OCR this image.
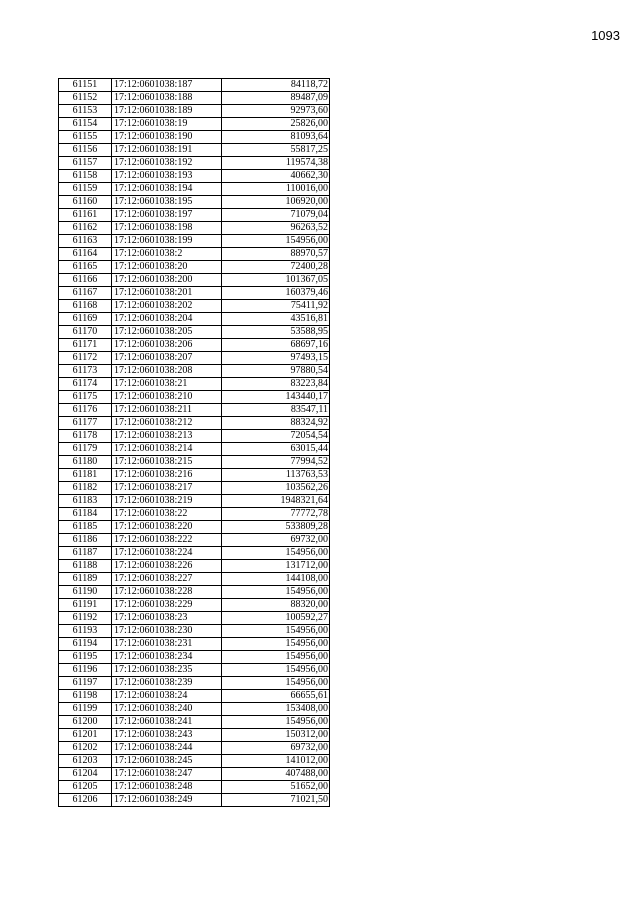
1093
61151	17:12:0601038:187	84118,72
61152	17:12:0601038:188	89487,09
61153	17:12:0601038:189	92973,60
61154	17:12:0601038:19	25826,00
61155	17:12:0601038:190	81093,64
61156	17:12:0601038:191	55817,25
61157	17:12:0601038:192	119574,38
61158	17:12:0601038:193	40662,30
61159	17:12:0601038:194	110016,00
61160	17:12:0601038:195	106920,00
61161	17:12:0601038:197	71079,04
61162	17:12:0601038:198	96263,52
61163	17:12:0601038:199	154956,00
61164	17:12:0601038:2	88970,57
61165	17:12:0601038:20	72400,28
61166	17:12:0601038:200	101367,05
61167	17:12:0601038:201	160379,46
61168	17:12:0601038:202	75411,92
61169	17:12:0601038:204	43516,81
61170	17:12:0601038:205	53588,95
61171	17:12:0601038:206	68697,16
61172	17:12:0601038:207	97493,15
61173	17:12:0601038:208	97880,54
61174	17:12:0601038:21	83223,84
61175	17:12:0601038:210	143440,17
61176	17:12:0601038:211	83547,11
61177	17:12:0601038:212	88324,92
61178	17:12:0601038:213	72054,54
61179	17:12:0601038:214	63015,44
61180	17:12:0601038:215	77994,52
61181	17:12:0601038:216	113763,53
61182	17:12:0601038:217	103562,26
61183	17:12:0601038:219	1948321,64
61184	17:12:0601038:22	77772,78
61185	17:12:0601038:220	533809,28
61186	17:12:0601038:222	69732,00
61187	17:12:0601038:224	154956,00
61188	17:12:0601038:226	131712,00
61189	17:12:0601038:227	144108,00
61190	17:12:0601038:228	154956,00
61191	17:12:0601038:229	88320,00
61192	17:12:0601038:23	100592,27
61193	17:12:0601038:230	154956,00
61194	17:12:0601038:231	154956,00
61195	17:12:0601038:234	154956,00
61196	17:12:0601038:235	154956,00
61197	17:12:0601038:239	154956,00
61198	17:12:0601038:24	66655,61
61199	17:12:0601038:240	153408,00
61200	17:12:0601038:241	154956,00
61201	17:12:0601038:243	150312,00
61202	17:12:0601038:244	69732,00
61203	17:12:0601038:245	141012,00
61204	17:12:0601038:247	407488,00
61205	17:12:0601038:248	51652,00
61206	17:12:0601038:249	71021,50
